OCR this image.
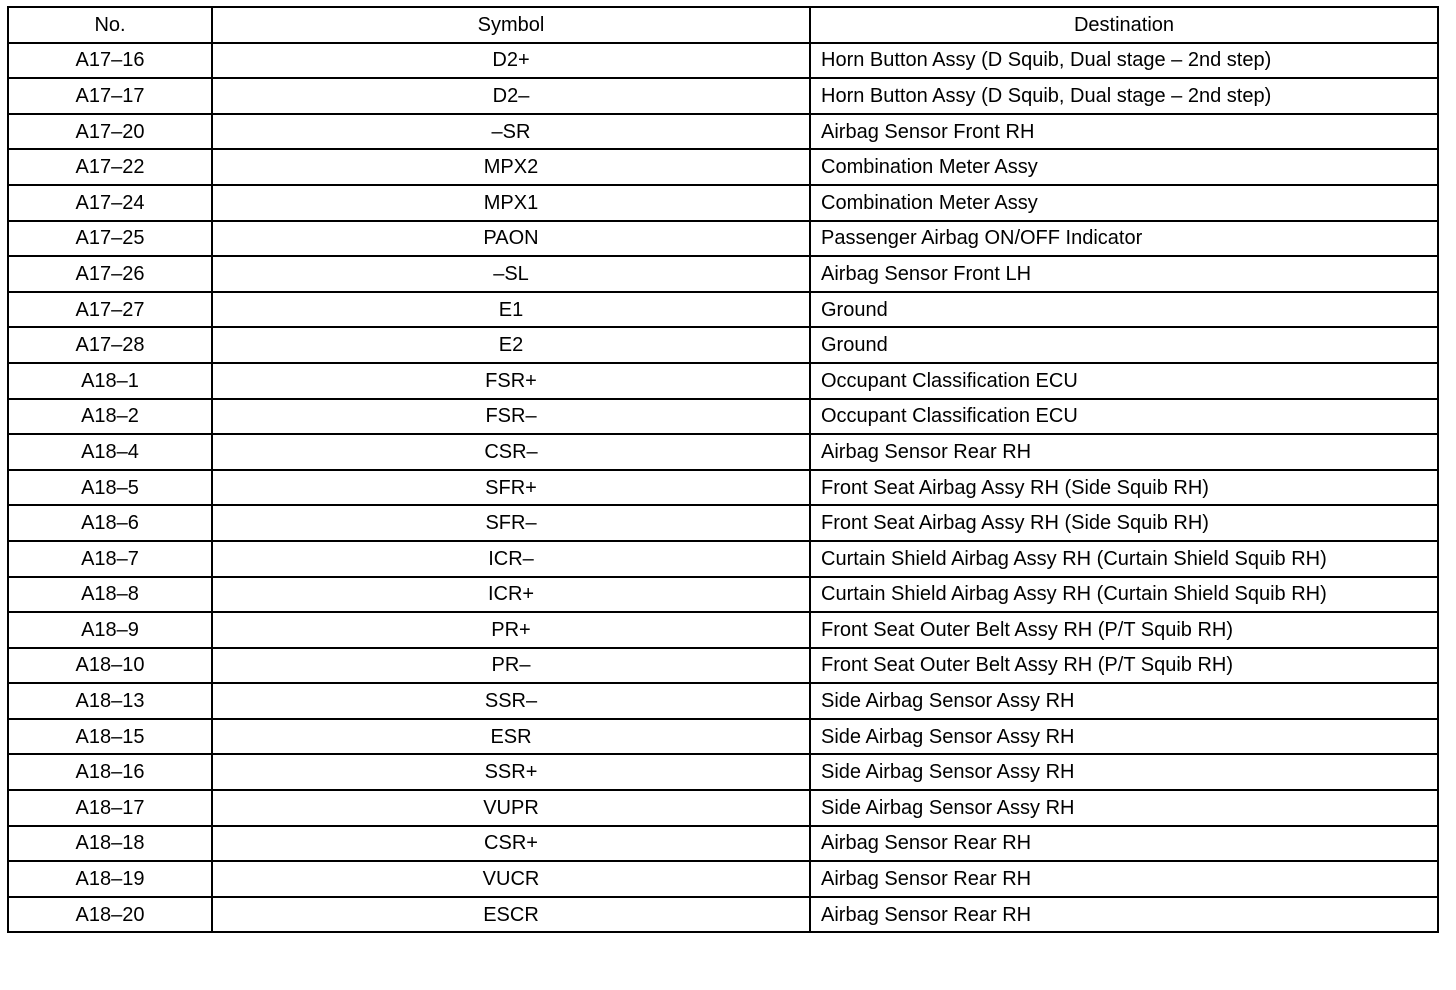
No.	Symbol	Destination
A17–16	D2+	Horn Button Assy (D Squib, Dual stage – 2nd step)
A17–17	D2–	Horn Button Assy (D Squib, Dual stage – 2nd step)
A17–20	–SR	Airbag Sensor Front RH
A17–22	MPX2	Combination Meter Assy
A17–24	MPX1	Combination Meter Assy
A17–25	PAON	Passenger Airbag ON/OFF Indicator
A17–26	–SL	Airbag Sensor Front LH
A17–27	E1	Ground
A17–28	E2	Ground
A18–1	FSR+	Occupant Classification ECU
A18–2	FSR–	Occupant Classification ECU
A18–4	CSR–	Airbag Sensor Rear RH
A18–5	SFR+	Front Seat Airbag Assy RH (Side Squib RH)
A18–6	SFR–	Front Seat Airbag Assy RH (Side Squib RH)
A18–7	ICR–	Curtain Shield Airbag Assy RH (Curtain Shield Squib RH)
A18–8	ICR+	Curtain Shield Airbag Assy RH (Curtain Shield Squib RH)
A18–9	PR+	Front Seat Outer Belt Assy RH (P/T Squib RH)
A18–10	PR–	Front Seat Outer Belt Assy RH (P/T Squib RH)
A18–13	SSR–	Side Airbag Sensor Assy RH
A18–15	ESR	Side Airbag Sensor Assy RH
A18–16	SSR+	Side Airbag Sensor Assy RH
A18–17	VUPR	Side Airbag Sensor Assy RH
A18–18	CSR+	Airbag Sensor Rear RH
A18–19	VUCR	Airbag Sensor Rear RH
A18–20	ESCR	Airbag Sensor Rear RH
